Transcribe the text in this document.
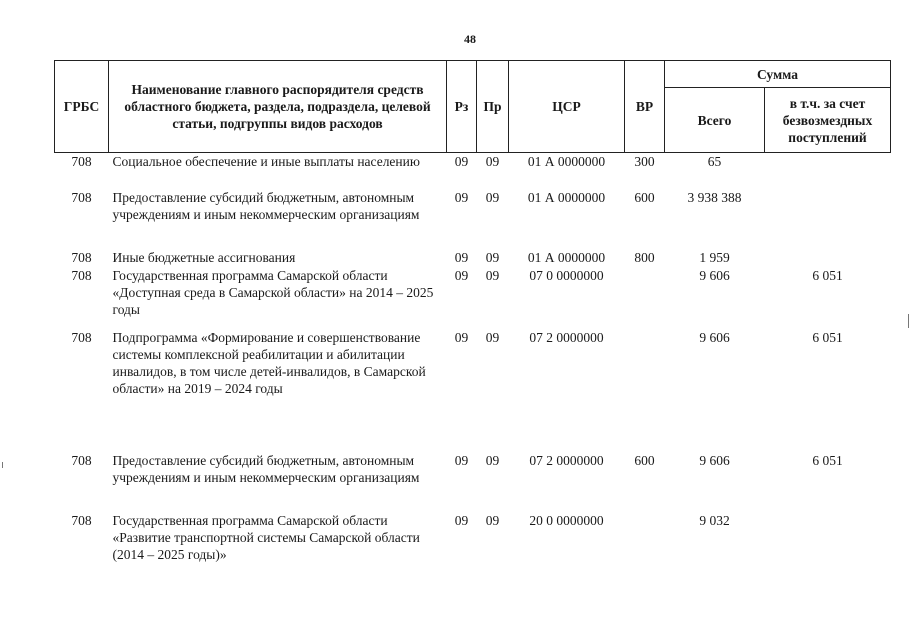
48
ГРБС	Наименование главного распорядителя средств областного бюджета, раздела, подраздела, целевой статьи, подгруппы видов расходов	Рз	Пр	ЦСР	ВР	Сумма	
						Всего	в т.ч. за счет безвозмездных поступлений
708	Социальное обеспечение и иные выплаты населению	09	09	01 А 0000000	300	65	
708	Предоставление субсидий бюджетным, автономным учреждениям и иным некоммерческим организациям	09	09	01 А 0000000	600	3 938 388	
708	Иные бюджетные ассигнования	09	09	01 А 0000000	800	1 959	
708	Государственная программа Самарской области «Доступная среда в Самарской области» на 2014 – 2025 годы	09	09	07 0 0000000		9 606	6 051
708	Подпрограмма «Формирование и совершенствование системы комплексной реабилитации и абилитации инвалидов, в том числе детей-инвалидов, в Самарской области» на 2019 – 2024 годы	09	09	07 2 0000000		9 606	6 051
708	Предоставление субсидий бюджетным, автономным учреждениям и иным некоммерческим организациям	09	09	07 2 0000000	600	9 606	6 051
708	Государственная программа Самарской области «Развитие транспортной системы Самарской области (2014 – 2025 годы)»	09	09	20 0 0000000		9 032	
